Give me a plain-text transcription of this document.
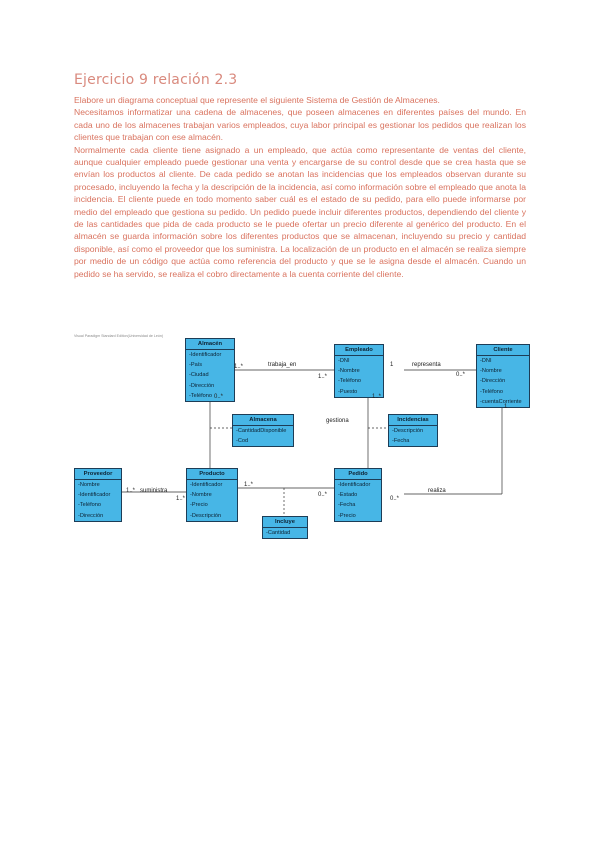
Ejercicio 9 relación 2.3

Elabore un diagrama conceptual que represente el siguiente Sistema de Gestión de Almacenes.

Necesitamos informatizar una cadena de almacenes, que poseen almacenes en diferentes países del mundo. En cada uno de los almacenes trabajan varios empleados, cuya labor principal es gestionar los pedidos que realizan los clientes que trabajan con ese almacén.

Normalmente cada cliente tiene asignado a un empleado, que actúa como representante de ventas del cliente, aunque cualquier empleado puede gestionar una venta y encargarse de su control desde que se crea hasta que se envían los productos al cliente. De cada pedido se anotan las incidencias que los empleados observan durante su procesado, incluyendo la fecha y la descripción de la incidencia, así como información sobre el empleado que anota la incidencia. El cliente puede en todo momento saber cuál es el estado de su pedido, para ello puede informarse por medio del empleado que gestiona su pedido. Un pedido puede incluir diferentes productos, dependiendo del cliente y de las cantidades que pida de cada producto se le puede ofertar un precio diferente al genérico del producto. En el almacén se guarda información sobre los diferentes productos que se almacenan, incluyendo su precio y cantidad disponible, así como el proveedor que los suministra. La localización de un producto en el almacén se realiza siempre por medio de un código que actúa como referencia del producto y que se le asigna desde el almacén. Cuando un pedido se ha servido, se realiza el cobro directamente a la cuenta corriente del cliente.

Visual Paradigm Standard Edition(Universidad de León)
Almacén
-Identificador
-País
-Ciudad
-Dirección
-Teléfono
Empleado
-DNI
-Nombre
-Teléfono
-Puesto
Cliente
-DNI
-Nombre
-Dirección
-Teléfono
-cuentaCorriente
Almacena
-CantidadDisponible
-Cod
Incidencias
-Descripción
-Fecha
Proveedor
-Nombre
-Identificador
-Teléfono
-Dirección
Producto
-Identificador
-Nombre
-Precio
-Descripción
Pedido
-Identificador
-Estado
-Fecha
-Precio
Incluye
-Cantidad
trabaja_en
1..*
1..*
representa
1
0..*
gestiona
0..*	1..*
1
suministra
1..*
1..*
1..*
0..*
realiza
0..*
